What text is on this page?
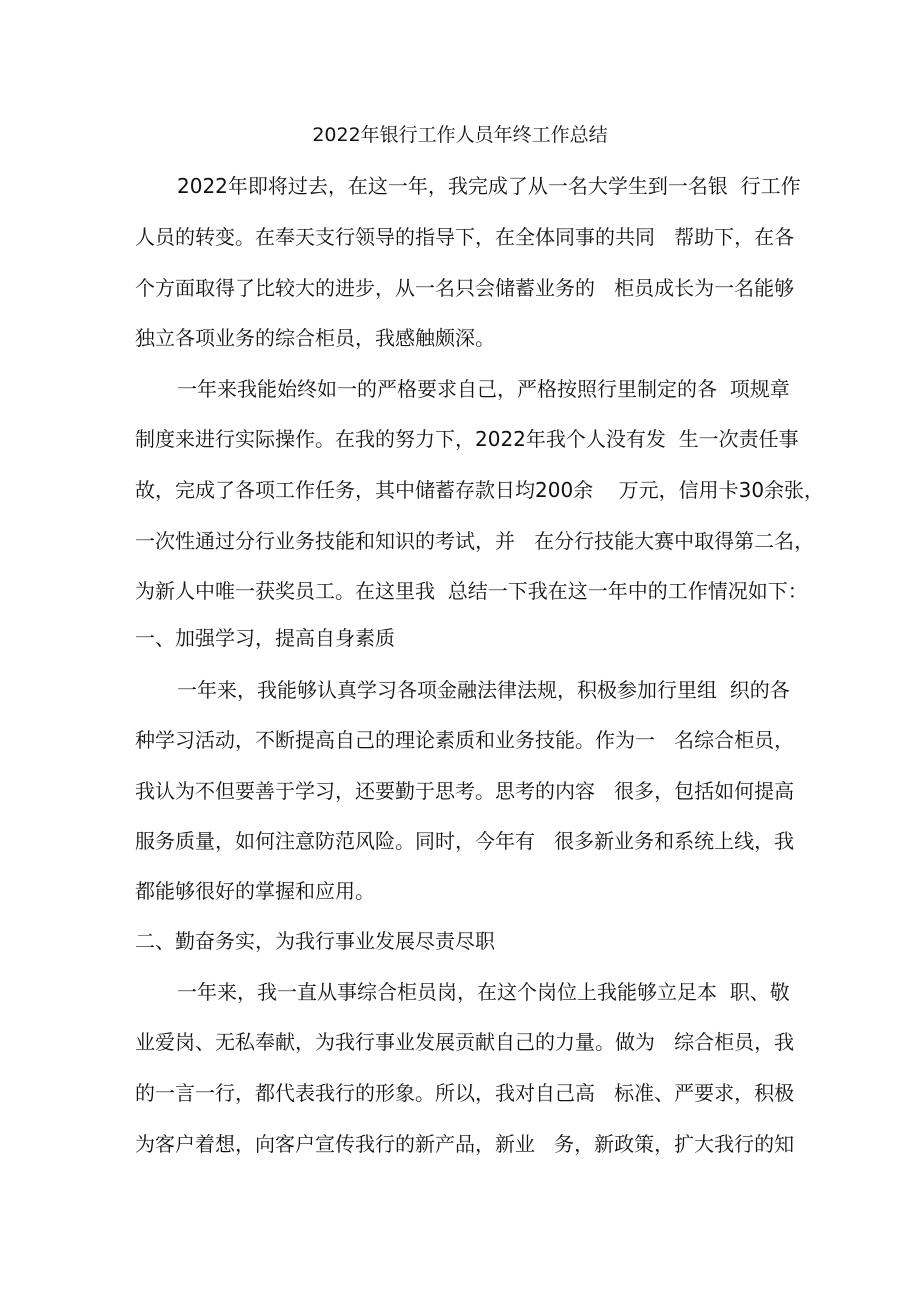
2022年银行工作人员年终工作总结
2022年即将过去，在这一年，我完成了从一名大学生到一名银  行工作
人员的转变。在奉天支行领导的指导下，在全体同事的共同   帮助下，在各
个方面取得了比较大的进步，从一名只会储蓄业务的   柜员成长为一名能够
独立各项业务的综合柜员，我感触颇深。
一年来我能始终如一的严格要求自己，严格按照行里制定的各  项规章
制度来进行实际操作。在我的努力下，2022年我个人没有发  生一次责任事
故，完成了各项工作任务，其中储蓄存款日均200余    万元，信用卡30余张，
一次性通过分行业务技能和知识的考试，并   在分行技能大赛中取得第二名，
为新人中唯一获奖员工。在这里我  总结一下我在这一年中的工作情况如下：
一、加强学习，提高自身素质
一年来，我能够认真学习各项金融法律法规，积极参加行里组  织的各
种学习活动，不断提高自己的理论素质和业务技能。作为一   名综合柜员，
我认为不但要善于学习，还要勤于思考。思考的内容   很多，包括如何提高
服务质量，如何注意防范风险。同时，今年有   很多新业务和系统上线，我
都能够很好的掌握和应用。
二、勤奋务实，为我行事业发展尽责尽职
一年来，我一直从事综合柜员岗，在这个岗位上我能够立足本  职、敬
业爱岗、无私奉献，为我行事业发展贡献自己的力量。做为   综合柜员，我
的一言一行，都代表我行的形象。所以，我对自己高   标准、严要求，积极
为客户着想，向客户宣传我行的新产品，新业   务，新政策，扩大我行的知
